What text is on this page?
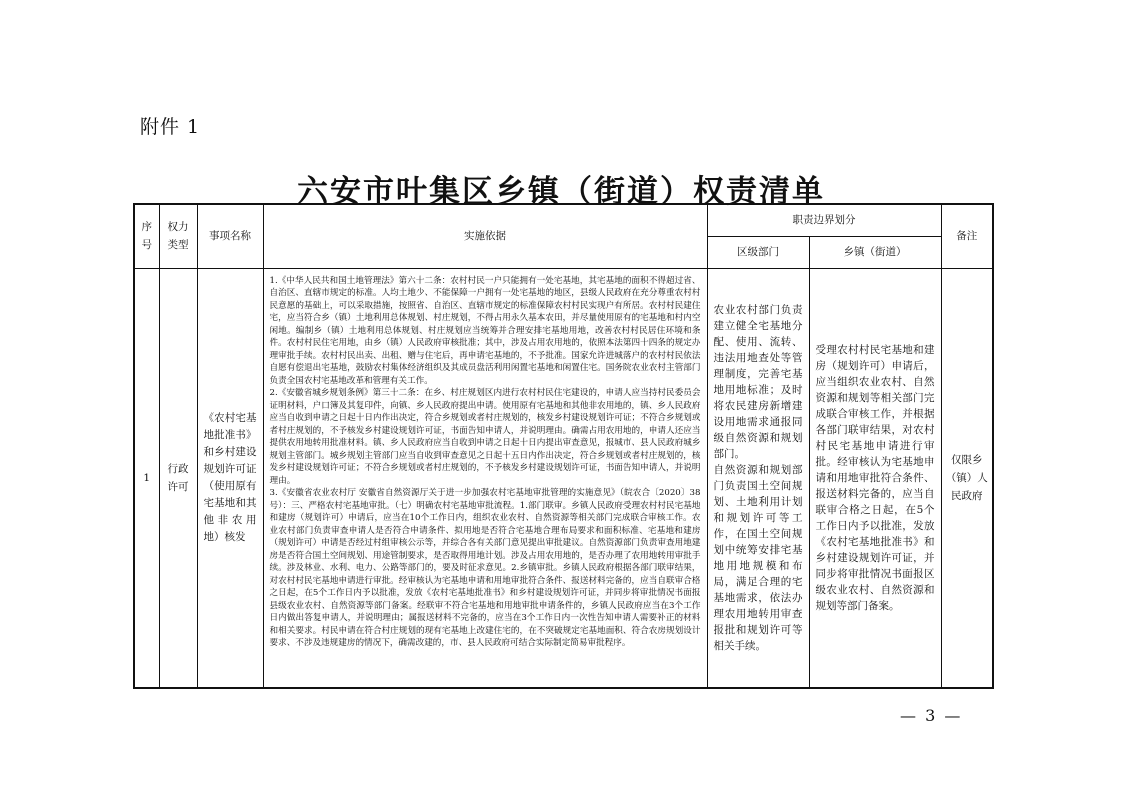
附件 1
六安市叶集区乡镇（街道）权责清单
序号	权力类型	事项名称	实施依据	职责边界划分		备注
				区级部门	乡镇（街道）	
1	行政许可	《农村宅基地批准书》和乡村建设规划许可证（使用原有宅基地和其他非农用地）核发	1.《中华人民共和国土地管理法》第六十二条：农村村民一户只能拥有一处宅基地，其宅基地的面积不得超过省、自治区、直辖市规定的标准。人均土地少、不能保障一户拥有一处宅基地的地区，县级人民政府在充分尊重农村村民意愿的基础上，可以采取措施，按照省、自治区、直辖市规定的标准保障农村村民实现户有所居。农村村民建住宅，应当符合乡（镇）土地利用总体规划、村庄规划，不得占用永久基本农田，并尽量使用原有的宅基地和村内空闲地。编制乡（镇）土地利用总体规划、村庄规划应当统筹并合理安排宅基地用地，改善农村村民居住环境和条件。农村村民住宅用地，由乡（镇）人民政府审核批准；其中，涉及占用农用地的，依照本法第四十四条的规定办理审批手续。农村村民出卖、出租、赠与住宅后，再申请宅基地的，不予批准。国家允许进城落户的农村村民依法自愿有偿退出宅基地，鼓励农村集体经济组织及其成员盘活利用闲置宅基地和闲置住宅。国务院农业农村主管部门负责全国农村宅基地改革和管理有关工作。
2.《安徽省城乡规划条例》第三十二条：在乡、村庄规划区内进行农村村民住宅建设的，申请人应当持村民委员会证明材料，户口簿及其复印件，向镇、乡人民政府提出申请。使用原有宅基地和其他非农用地的，镇、乡人民政府应当自收到申请之日起十日内作出决定，符合乡规划或者村庄规划的，核发乡村建设规划许可证；不符合乡规划或者村庄规划的，不予核发乡村建设规划许可证，书面告知申请人，并说明理由。确需占用农用地的，申请人还应当提供农用地转用批准材料。镇、乡人民政府应当自收到申请之日起十日内提出审查意见，报城市、县人民政府城乡规划主管部门。城乡规划主管部门应当自收到审查意见之日起十五日内作出决定，符合乡规划或者村庄规划的，核发乡村建设规划许可证；不符合乡规划或者村庄规划的，不予核发乡村建设规划许可证，书面告知申请人，并说明理由。
3.《安徽省农业农村厅 安徽省自然资源厅关于进一步加强农村宅基地审批管理的实施意见》（皖农合〔2020〕38号）：三、严格农村宅基地审批。（七）明确农村宅基地审批流程。1.部门联审。乡镇人民政府受理农村村民宅基地和建房（规划许可）申请后，应当在10个工作日内，组织农业农村、自然资源等相关部门完成联合审核工作。农业农村部门负责审查申请人是否符合申请条件、拟用地是否符合宅基地合理布局要求和面积标准、宅基地和建房（规划许可）申请是否经过村组审核公示等，并综合各有关部门意见提出审批建议。自然资源部门负责审查用地建房是否符合国土空间规划、用途管制要求，是否取得用地计划。涉及占用农用地的，是否办理了农用地转用审批手续。涉及林业、水利、电力、公路等部门的，要及时征求意见。2.乡镇审批。乡镇人民政府根据各部门联审结果，对农村村民宅基地申请进行审批。经审核认为宅基地申请和用地审批符合条件、报送材料完备的，应当自联审合格之日起，在5个工作日内予以批准，发放《农村宅基地批准书》和乡村建设规划许可证，并同步将审批情况书面报县级农业农村、自然资源等部门备案。经联审不符合宅基地和用地审批申请条件的，乡镇人民政府应当在3个工作日内做出答复申请人，并说明理由；属报送材料不完备的，应当在3个工作日内一次性告知申请人需要补正的材料和相关要求。村民申请在符合村庄规划的现有宅基地上改建住宅的，在不突破规定宅基地面积、符合农房规划设计要求、不涉及违规建房的情况下，确需改建的，市、县人民政府可结合实际制定简易审批程序。	农业农村部门负责建立健全宅基地分配、使用、流转、违法用地查处等管理制度，完善宅基地用地标准；及时将农民建房新增建设用地需求通报同级自然资源和规划部门。
自然资源和规划部门负责国土空间规划、土地利用计划和规划许可等工作，在国土空间规划中统筹安排宅基地用地规模和布局，满足合理的宅基地需求，依法办理农用地转用审查报批和规划许可等相关手续。	受理农村村民宅基地和建房（规划许可）申请后，应当组织农业农村、自然资源和规划等相关部门完成联合审核工作，并根据各部门联审结果，对农村村民宅基地申请进行审批。经审核认为宅基地申请和用地审批符合条件、报送材料完备的，应当自联审合格之日起，在5个工作日内予以批准，发放《农村宅基地批准书》和乡村建设规划许可证，并同步将审批情况书面报区级农业农村、自然资源和规划等部门备案。	仅限乡（镇）人民政府
— 3 —
